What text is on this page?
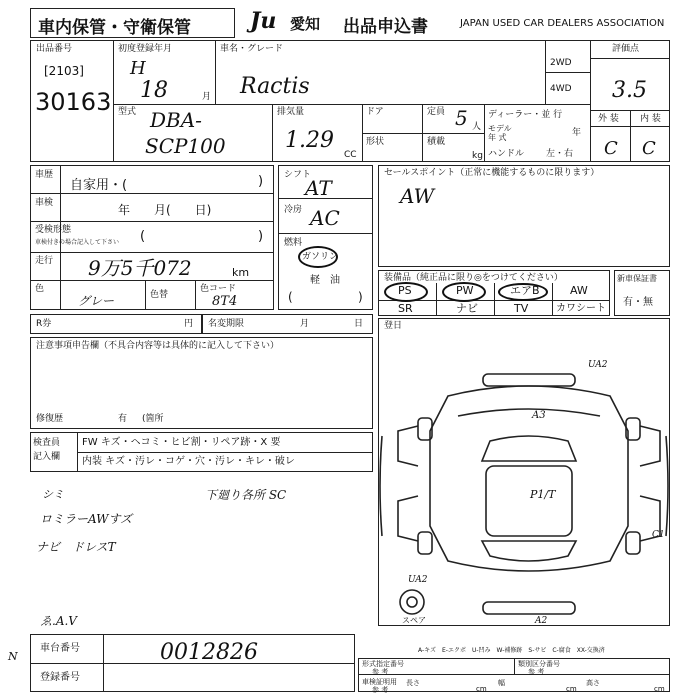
車内保管・守衛保管	Ju 愛知 出品申込書	JAPAN USED CAR DEALERS ASSOCIATION
出品番号
[2103]
30163
初度登録年月
H
18	月
車名・グレード
Ractis
2WD
4WD
評価点
3.5
外 装 内 装
C C
型式 DBA-
SCP100
排気量
1.29
CC
ドア
形状
定員 5 人
積載
kg
ディーラー・並 行
モデル
年 式	年
ハンドル 左・右
車歴
自家用・(	)
車検	年　　月(　　日)
受検形態
車検付きの場合記入して下さい (	)
走行 9万5千072	km
色
グレー	色替
色コード
8T4
シフト
AT
冷房 AC
燃料
ガソリン
軽　油
(	)
セールスポイント（正常に機能するものに限ります）
AW
装備品（純正品に限り◎をつけてください）
PS	PW	エアB	AW
SR	ナビ	TV	カワシート
新車保証書
有・無
R券	円 名変期限	月	日 登日
注意事項申告欄（不具合内容等は具体的に記入して下さい）
修復歴	有 (箇所
検査員
記入欄
FW キズ・ヘコミ・ヒビ割・リペア跡・X 要
内装 キズ・汚レ・コゲ・穴・汚レ・キレ・破レ
シミ	下廻り各所 SC
ロミラーAWすズ
ナビ　ドレスT
ゑ.A.V
UA2
A3
P1/T
C1
UA2
A2
スペア
A-キズ　E-エクボ　U-凹み　W-補修跡　S-サビ　C-腐食　XX-交換済
車台番号	0012826
登録番号
N
形式指定番号
参 考
類別区分番号
参 考
車検証明用
参 考
長さ
cm
幅
cm
高さ
cm
